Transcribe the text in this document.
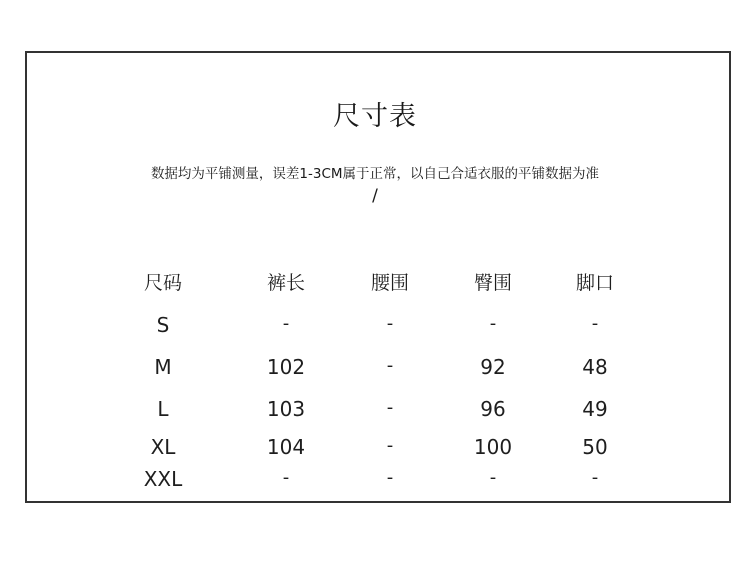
尺寸表
数据均为平铺测量，误差1-3CM属于正常，以自己合适衣服的平铺数据为准
/
尺码	裤长	腰围	臀围	脚口
S	-	-	-	-
M	102	-	92	48
L	103	-	96	49
XL	104	-	100	50
XXL	-	-	-	-
